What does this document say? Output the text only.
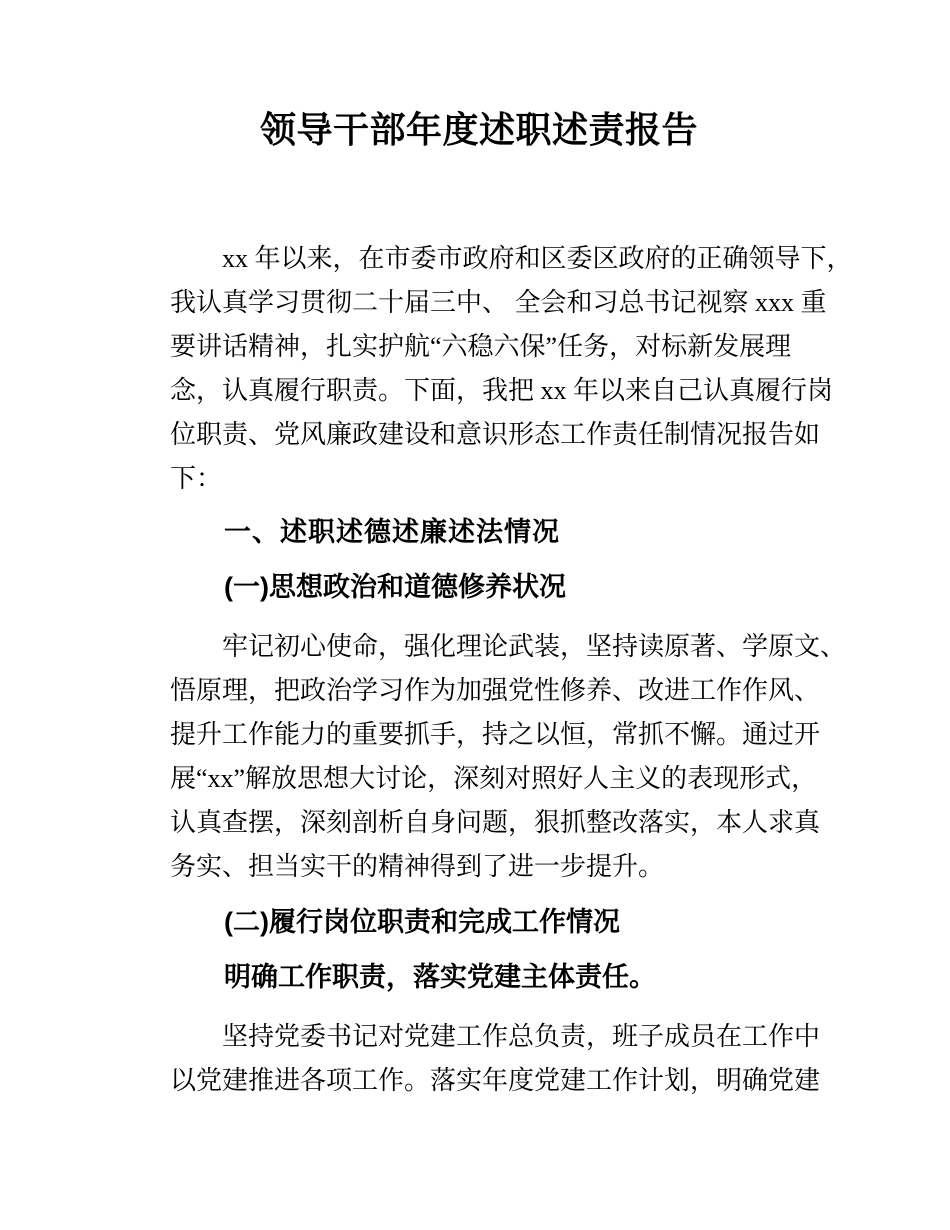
领导干部年度述职述责报告
xx 年以来，在市委市政府和区委区政府的正确领导下，
我认真学习贯彻二十届三中、 全会和习总书记视察 xxx 重
要讲话精神，扎实护航“六稳六保”任务，对标新发展理
念，认真履行职责。下面，我把 xx 年以来自己认真履行岗
位职责、党风廉政建设和意识形态工作责任制情况报告如
下：
一、述职述德述廉述法情况
(一)思想政治和道德修养状况
牢记初心使命，强化理论武装，坚持读原著、学原文、
悟原理，把政治学习作为加强党性修养、改进工作作风、
提升工作能力的重要抓手，持之以恒，常抓不懈。通过开
展“xx”解放思想大讨论，深刻对照好人主义的表现形式，
认真查摆，深刻剖析自身问题，狠抓整改落实，本人求真
务实、担当实干的精神得到了进一步提升。
(二)履行岗位职责和完成工作情况
明确工作职责，落实党建主体责任。
坚持党委书记对党建工作总负责，班子成员在工作中
以党建推进各项工作。落实年度党建工作计划，明确党建
